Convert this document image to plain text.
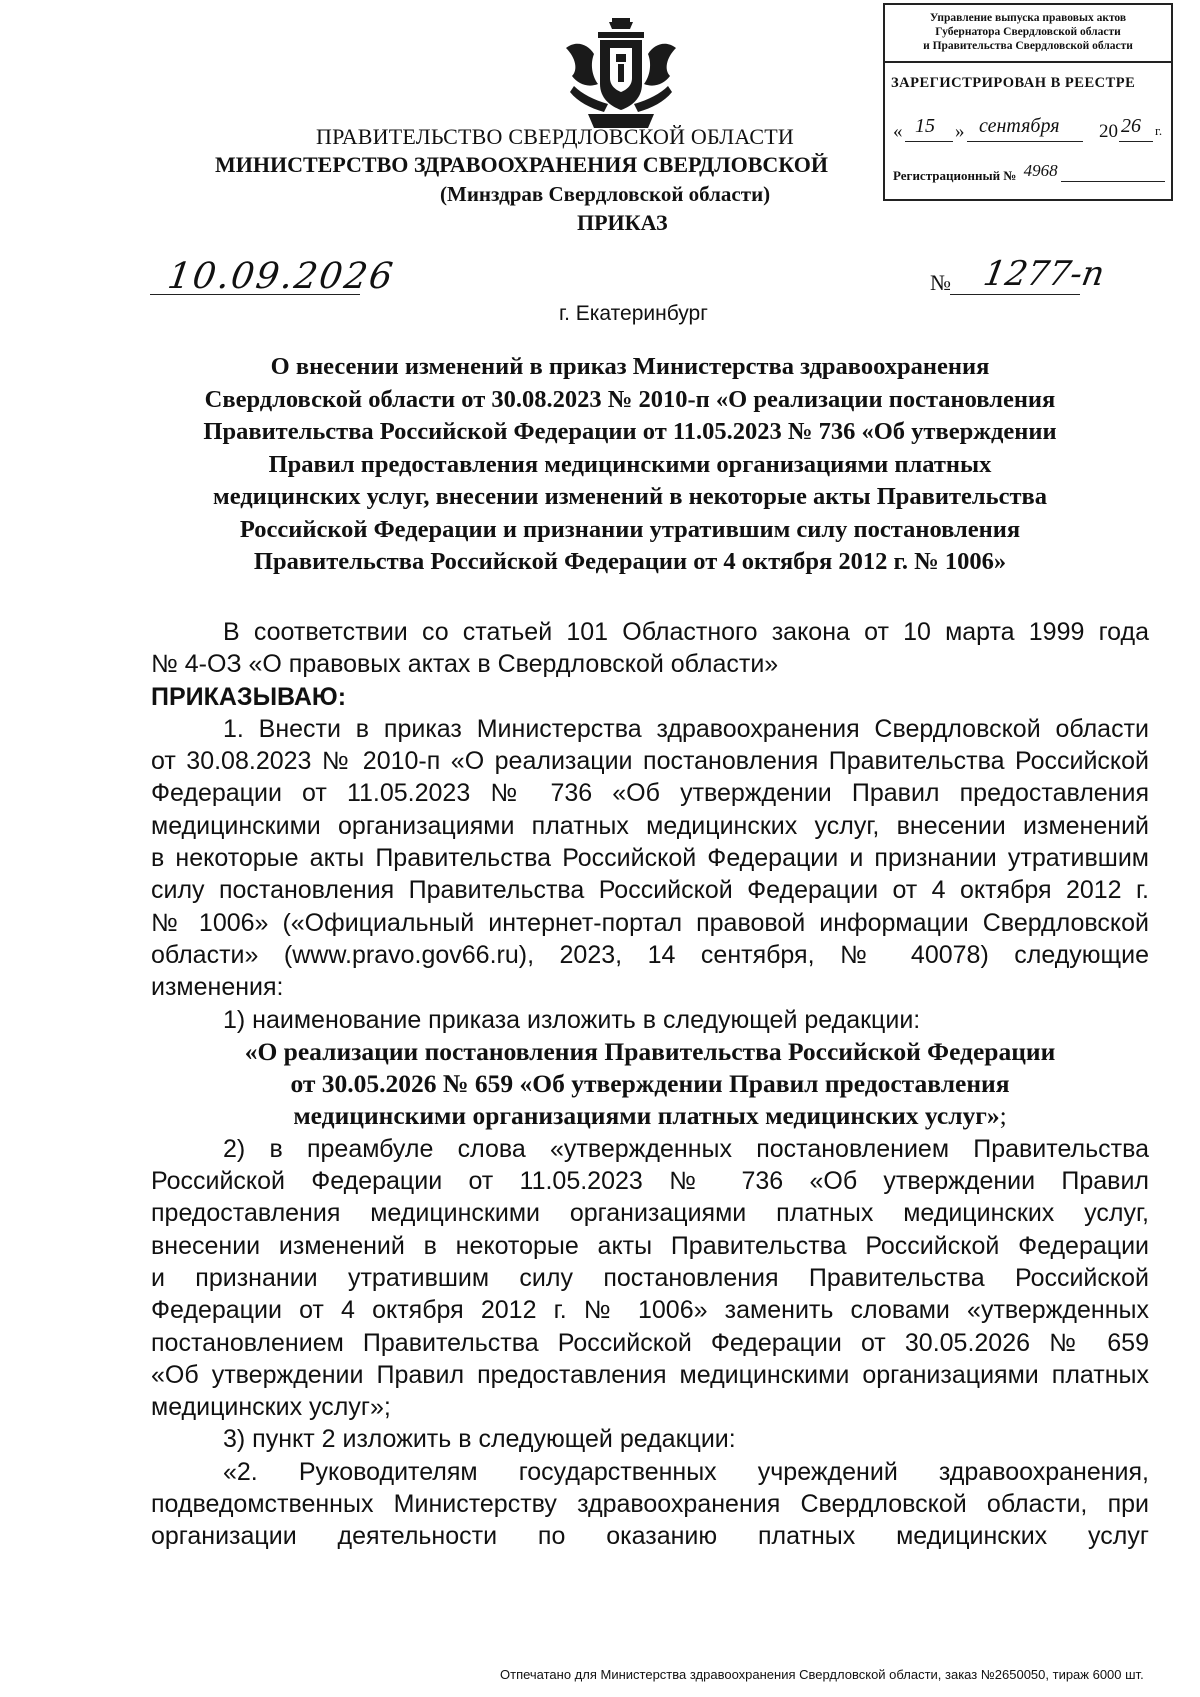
Управление выпуска правовых актов
Губернатора Свердловской области
и Правительства Свердловской области
ЗАРЕГИСТРИРОВАН В РЕЕСТРЕ
« 15 » сентября 20 26 г.
Регистрационный № 4968
ПРАВИТЕЛЬСТВО СВЕРДЛОВСКОЙ ОБЛАСТИ
МИНИСТЕРСТВО ЗДРАВООХРАНЕНИЯ СВЕРДЛОВСКОЙ
(Минздрав Свердловской области)
ПРИКАЗ
10.09.2026	№ 1277-п
г. Екатеринбург
О внесении изменений в приказ Министерства здравоохранения
Свердловской области от 30.08.2023 № 2010-п «О реализации постановления
Правительства Российской Федерации от 11.05.2023 № 736 «Об утверждении
Правил предоставления медицинскими организациями платных
медицинских услуг, внесении изменений в некоторые акты Правительства
Российской Федерации и признании утратившим силу постановления
Правительства Российской Федерации от 4 октября 2012 г. № 1006»
В соответствии со статьей 101 Областного закона от 10 марта 1999 года
№ 4-ОЗ «О правовых актах в Свердловской области»
ПРИКАЗЫВАЮ:
1. Внести в приказ Министерства здравоохранения Свердловской области
от 30.08.2023 № 2010-п «О реализации постановления Правительства Российской
Федерации от 11.05.2023 № 736 «Об утверждении Правил предоставления
медицинскими организациями платных медицинских услуг, внесении изменений
в некоторые акты Правительства Российской Федерации и признании утратившим
силу постановления Правительства Российской Федерации от 4 октября 2012 г.
№ 1006» («Официальный интернет-портал правовой информации Свердловской
области» (www.pravo.gov66.ru), 2023, 14 сентября, № 40078) следующие
изменения:
1) наименование приказа изложить в следующей редакции:
«О реализации постановления Правительства Российской Федерации
от 30.05.2026 № 659 «Об утверждении Правил предоставления
медицинскими организациями платных медицинских услуг»;
2) в преамбуле слова «утвержденных постановлением Правительства
Российской Федерации от 11.05.2023 № 736 «Об утверждении Правил
предоставления медицинскими организациями платных медицинских услуг,
внесении изменений в некоторые акты Правительства Российской Федерации
и признании утратившим силу постановления Правительства Российской
Федерации от 4 октября 2012 г. № 1006» заменить словами «утвержденных
постановлением Правительства Российской Федерации от 30.05.2026 № 659
«Об утверждении Правил предоставления медицинскими организациями платных
медицинских услуг»;
3) пункт 2 изложить в следующей редакции:
«2. Руководителям государственных учреждений здравоохранения,
подведомственных Министерству здравоохранения Свердловской области, при
организации деятельности по оказанию платных медицинских услуг
Отпечатано для Министерства здравоохранения Свердловской области, заказ №2650050, тираж 6000 шт.
